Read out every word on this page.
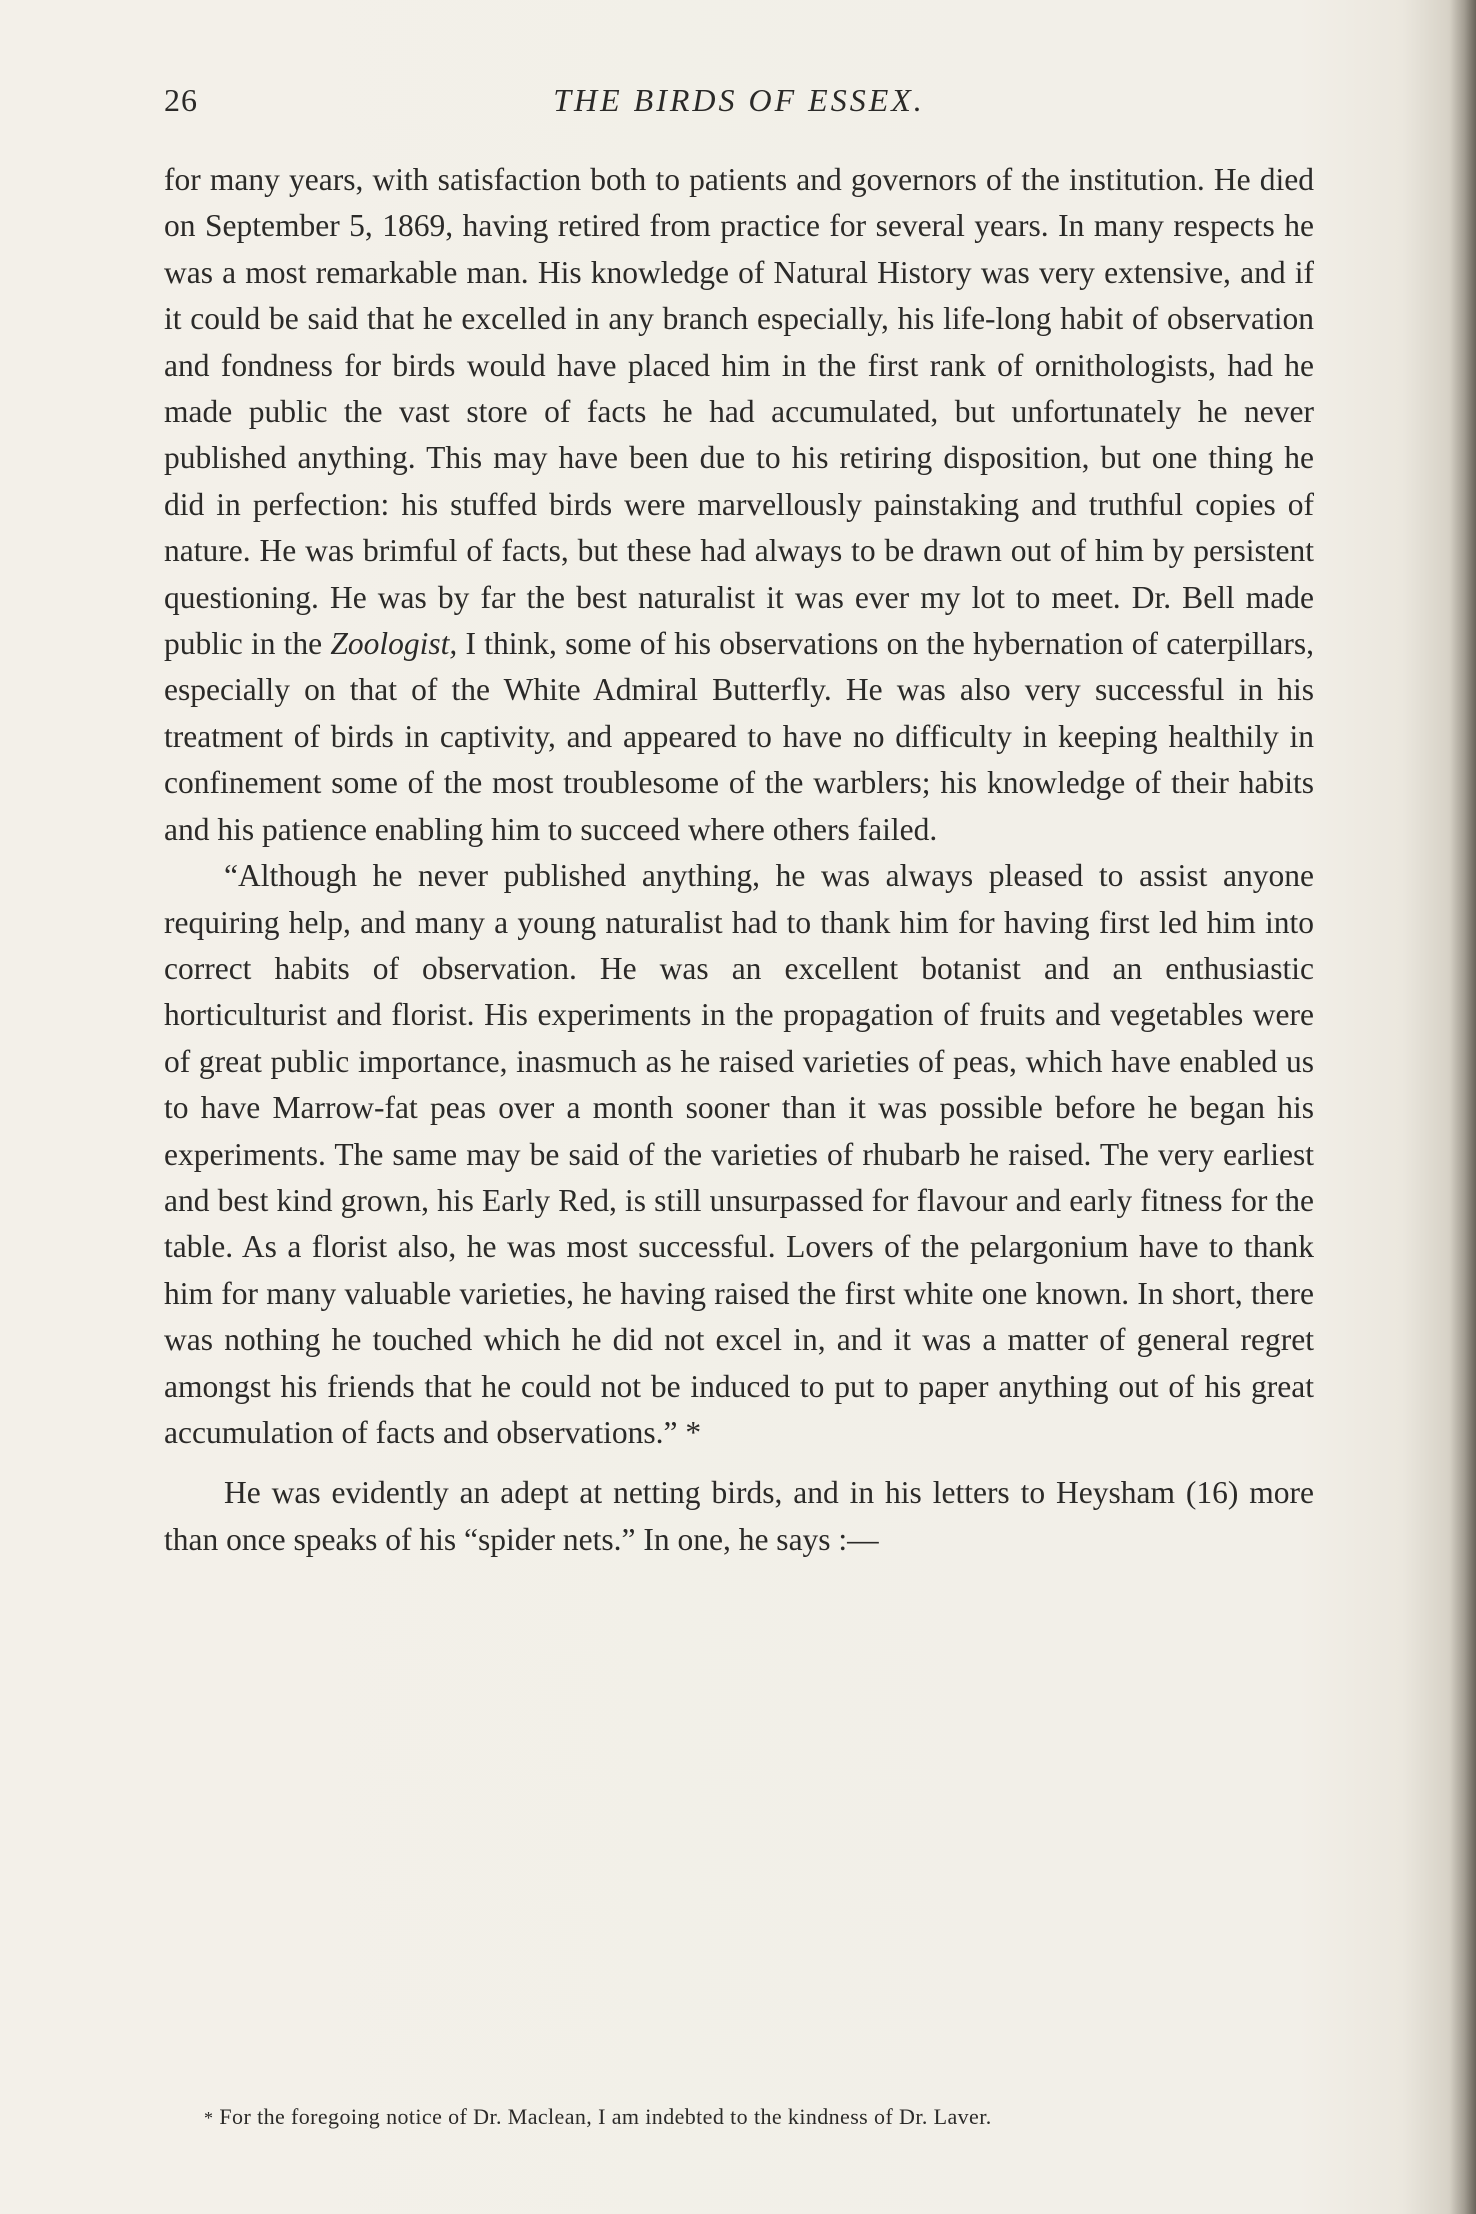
26	THE BIRDS OF ESSEX.

for many years, with satisfaction both to patients and governors of the institution. He died on September 5, 1869, having retired from practice for several years. In many respects he was a most remarkable man. His knowledge of Natural History was very extensive, and if it could be said that he excelled in any branch especially, his life-long habit of observation and fondness for birds would have placed him in the first rank of ornithologists, had he made public the vast store of facts he had accumulated, but unfortunately he never published anything. This may have been due to his retiring disposition, but one thing he did in perfection: his stuffed birds were marvellously painstaking and truthful copies of nature. He was brimful of facts, but these had always to be drawn out of him by persistent questioning. He was by far the best naturalist it was ever my lot to meet. Dr. Bell made public in the Zoologist, I think, some of his observations on the hybernation of caterpillars, especially on that of the White Admiral Butterfly. He was also very successful in his treatment of birds in captivity, and appeared to have no difficulty in keeping healthily in confinement some of the most troublesome of the warblers; his knowledge of their habits and his patience enabling him to succeed where others failed.

“Although he never published anything, he was always pleased to assist anyone requiring help, and many a young naturalist had to thank him for having first led him into correct habits of observation. He was an excellent botanist and an enthusiastic horticulturist and florist. His experiments in the propagation of fruits and vegetables were of great public importance, inasmuch as he raised varieties of peas, which have enabled us to have Marrow-fat peas over a month sooner than it was possible before he began his experiments. The same may be said of the varieties of rhubarb he raised. The very earliest and best kind grown, his Early Red, is still unsurpassed for flavour and early fitness for the table. As a florist also, he was most successful. Lovers of the pelargonium have to thank him for many valuable varieties, he having raised the first white one known. In short, there was nothing he touched which he did not excel in, and it was a matter of general regret amongst his friends that he could not be induced to put to paper anything out of his great accumulation of facts and observations.” *

He was evidently an adept at netting birds, and in his letters to Heysham (16) more than once speaks of his “spider nets.” In one, he says :—

* For the foregoing notice of Dr. Maclean, I am indebted to the kindness of Dr. Laver.
